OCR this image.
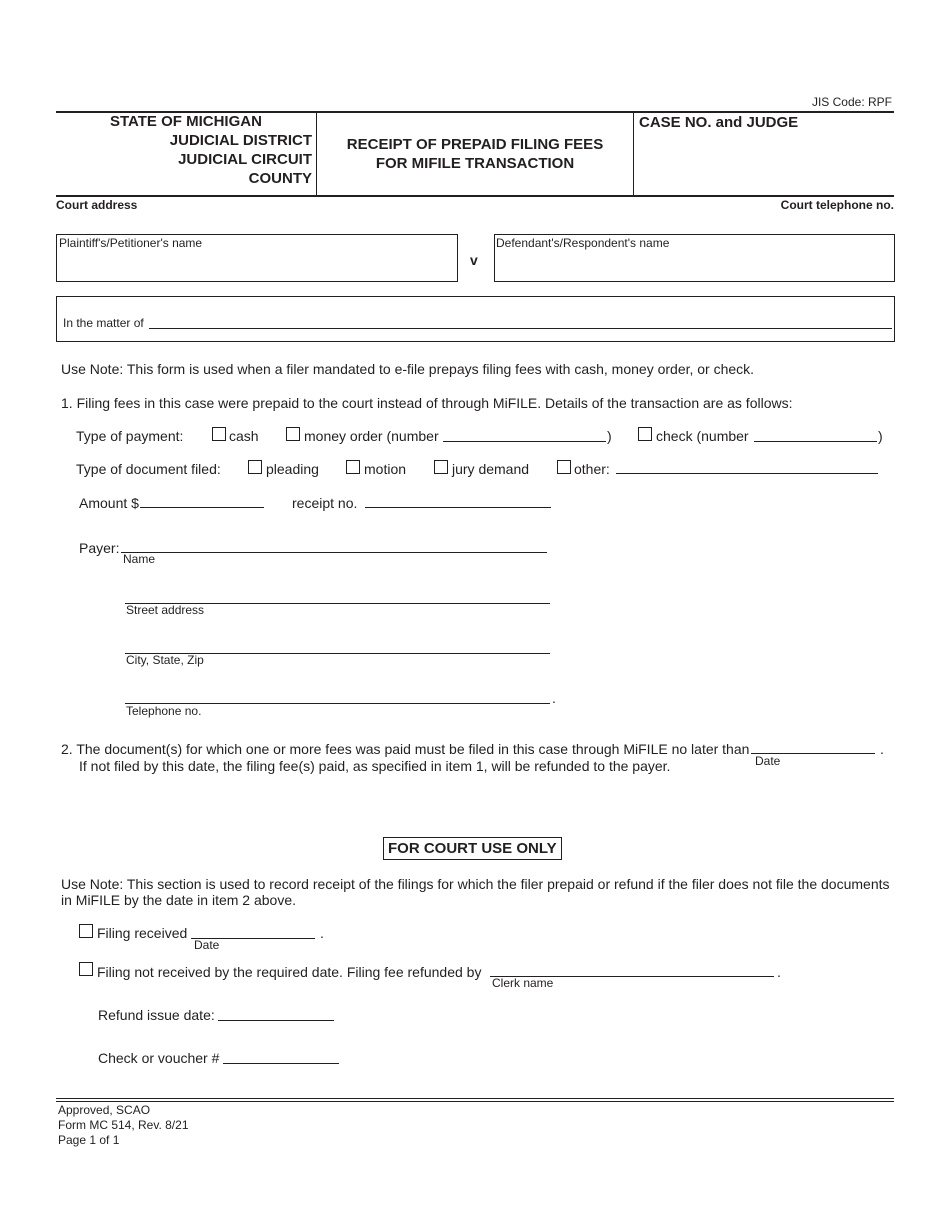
JIS Code: RPF
STATE OF MICHIGAN
JUDICIAL DISTRICT
JUDICIAL CIRCUIT
COUNTY
RECEIPT OF PREPAID FILING FEES
FOR MIFILE TRANSACTION
CASE NO. and JUDGE
Court address	Court telephone no.
Plaintiff's/Petitioner's name
v
Defendant's/Respondent's name
In the matter of
Use Note: This form is used when a filer mandated to e-file prepays filing fees with cash, money order, or check.
1. Filing fees in this case were prepaid to the court instead of through MiFILE. Details of the transaction are as follows:
Type of payment:	cash	money order (number	)	check (number	)
Type of document filed:	pleading	motion	jury demand	other:
Amount $	receipt no.
Payer:
Name
Street address
City, State, Zip
.
Telephone no.
2. The document(s) for which one or more fees was paid must be filed in this case through MiFILE no later than	.
Date
If not filed by this date, the filing fee(s) paid, as specified in item 1, will be refunded to the payer.
FOR COURT USE ONLY
Use Note: This section is used to record receipt of the filings for which the filer prepaid or refund if the filer does not file the documents
in MiFILE by the date in item 2 above.
Filing received	.
Date
Filing not received by the required date. Filing fee refunded by	.
Clerk name
Refund issue date:
Check or voucher #
Approved, SCAO
Form MC 514, Rev. 8/21
Page 1 of 1
